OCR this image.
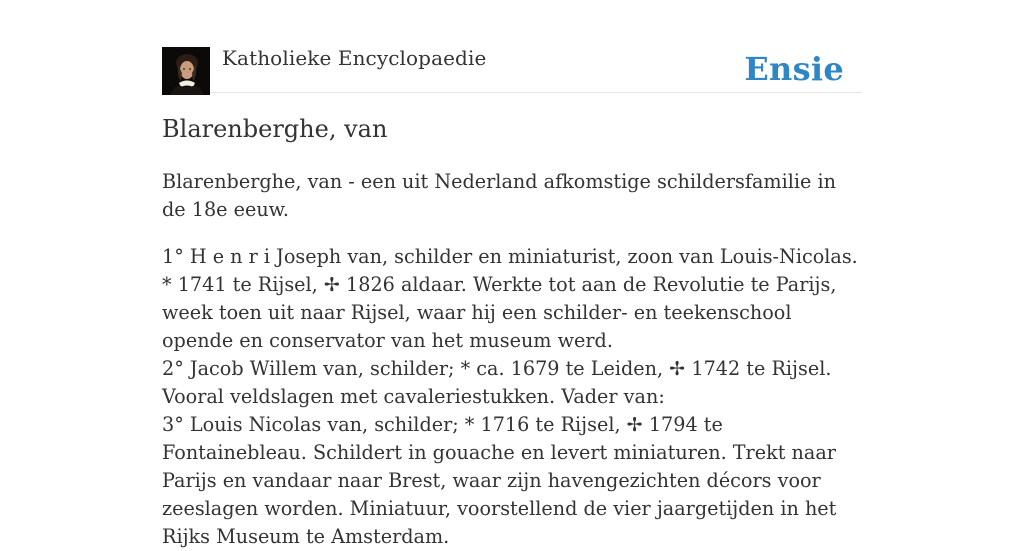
Katholieke Encyclopaedie	Ensie
Blarenberghe, van

Blarenberghe, van - een uit Nederland afkomstige schildersfamilie in de 18e eeuw.

1° H e n r i Joseph van, schilder en miniaturist, zoon van Louis-Nicolas. * 1741 te Rijsel, ✢ 1826 aldaar. Werkte tot aan de Revolutie te Parijs, week toen uit naar Rijsel, waar hij een schilder- en teekenschool opende en conservator van het museum werd.
2° Jacob Willem van, schilder; * ca. 1679 te Leiden, ✢ 1742 te Rijsel. Vooral veldslagen met cavaleriestukken. Vader van:
3° Louis Nicolas van, schilder; * 1716 te Rijsel, ✢ 1794 te Fontainebleau. Schildert in gouache en levert miniaturen. Trekt naar Parijs en vandaar naar Brest, waar zijn havengezichten décors voor zeeslagen worden. Miniatuur, voorstellend de vier jaargetijden in het Rijks Museum te Amsterdam.
